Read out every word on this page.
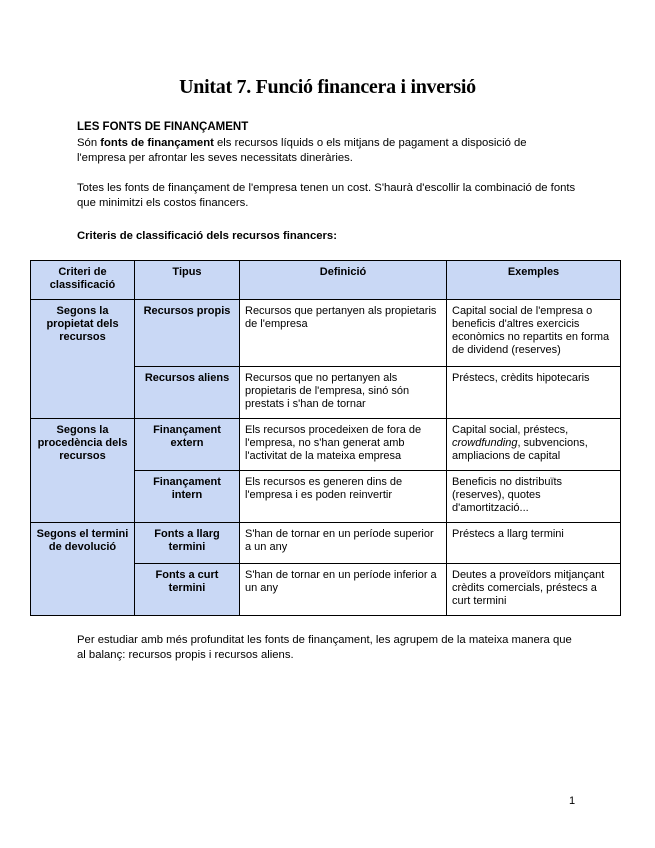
Unitat 7. Funció financera i inversió
LES FONTS DE FINANÇAMENT
Són fonts de finançament els recursos líquids o els mitjans de pagament a disposició de l'empresa per afrontar les seves necessitats dineràries.
Totes les fonts de finançament de l'empresa tenen un cost. S'haurà d'escollir la combinació de fonts que minimitzi els costos financers.
Criteris de classificació dels recursos financers:
Criteri de classificació	Tipus	Definició	Exemples
Segons la propietat dels recursos	Recursos propis	Recursos que pertanyen als propietaris de l'empresa	Capital social de l'empresa o beneficis d'altres exercicis econòmics no repartits en forma de dividend (reserves)
	Recursos aliens	Recursos que no pertanyen als propietaris de l'empresa, sinó són prestats i s'han de tornar	Préstecs, crèdits hipotecaris
Segons la procedència dels recursos	Finançament extern	Els recursos procedeixen de fora de l'empresa, no s'han generat amb l'activitat de la mateixa empresa	Capital social, préstecs, crowdfunding, subvencions, ampliacions de capital
	Finançament intern	Els recursos es generen dins de l'empresa i es poden reinvertir	Beneficis no distribuïts (reserves), quotes d'amortització...
Segons el termini de devolució	Fonts a llarg termini	S'han de tornar en un període superior a un any	Préstecs a llarg termini
	Fonts a curt termini	S'han de tornar en un període inferior a un any	Deutes a proveïdors mitjançant crèdits comercials, préstecs a curt termini
Per estudiar amb més profunditat les fonts de finançament, les agrupem de la mateixa manera que al balanç: recursos propis i recursos aliens.
1
